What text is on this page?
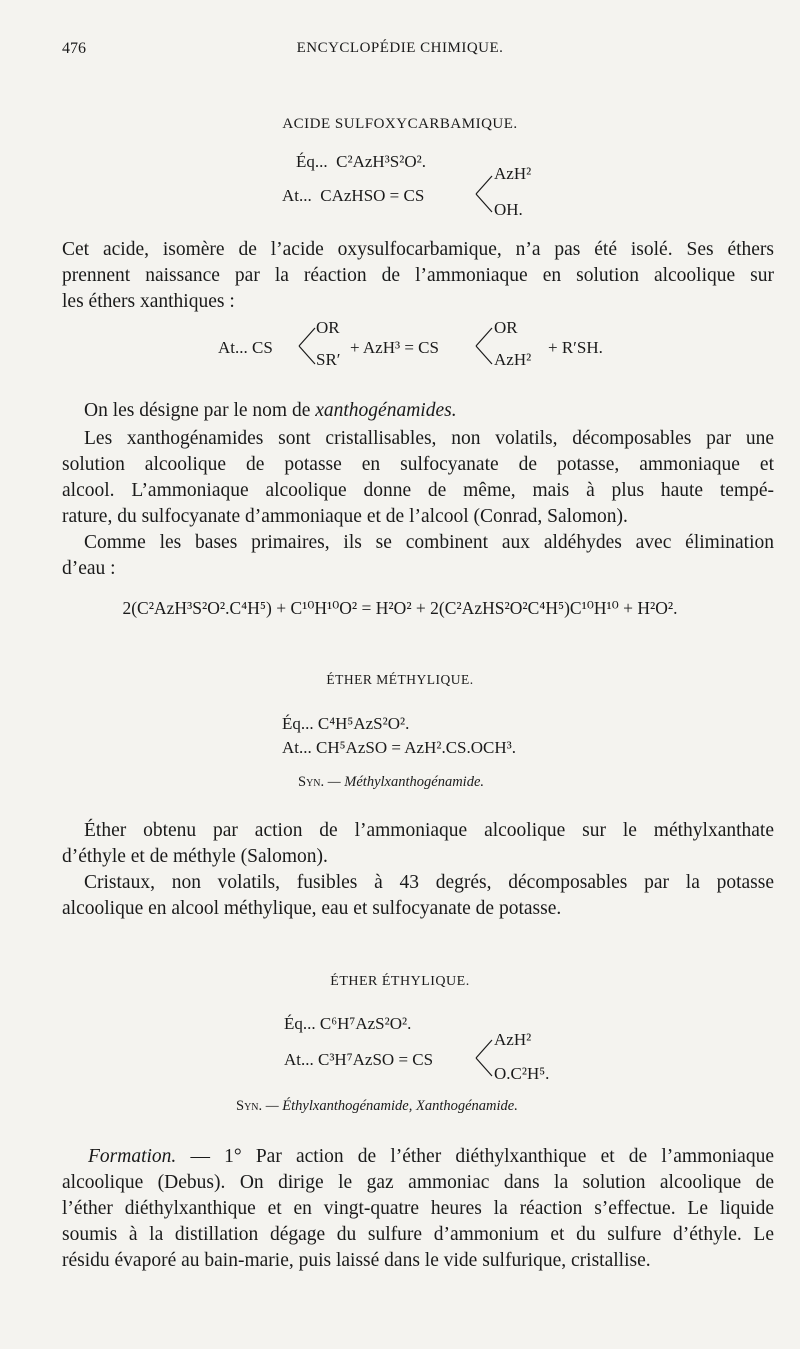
476	ENCYCLOPÉDIE CHIMIQUE.
ACIDE SULFOXYCARBAMIQUE.
Éq... C²AzH³S²O².
At... CAzHSO = CS
AzH²
OH.
Cet acide, isomère de l’acide oxysulfocarbamique, n’a pas été isolé. Ses éthers
prennent naissance par la réaction de l’ammoniaque en solution alcoolique sur
les éthers xanthiques :
At... CS
OR
SR′
+ AzH³ = CS
OR
AzH²
+ R′SH.
On les désigne par le nom de xanthogénamides.
Les xanthogénamides sont cristallisables, non volatils, décomposables par une
solution alcoolique de potasse en sulfocyanate de potasse, ammoniaque et
alcool. L’ammoniaque alcoolique donne de même, mais à plus haute tempé-
rature, du sulfocyanate d’ammoniaque et de l’alcool (Conrad, Salomon).
Comme les bases primaires, ils se combinent aux aldéhydes avec élimination
d’eau :
2(C²AzH³S²O².C⁴H⁵) + C¹⁰H¹⁰O² = H²O² + 2(C²AzHS²O²C⁴H⁵)C¹⁰H¹⁰ + H²O².
ÉTHER MÉTHYLIQUE.
Éq... C⁴H⁵AzS²O².
At... CH⁵AzSO = AzH².CS.OCH³.
Syn. — Méthylxanthogénamide.
Éther obtenu par action de l’ammoniaque alcoolique sur le méthylxanthate
d’éthyle et de méthyle (Salomon).
Cristaux, non volatils, fusibles à 43 degrés, décomposables par la potasse
alcoolique en alcool méthylique, eau et sulfocyanate de potasse.
ÉTHER ÉTHYLIQUE.
Éq... C⁶H⁷AzS²O².
At... C³H⁷AzSO = CS
AzH²
O.C²H⁵.
Syn. — Éthylxanthogénamide, Xanthogénamide.
Formation. — 1° Par action de l’éther diéthylxanthique et de l’ammoniaque
alcoolique (Debus). On dirige le gaz ammoniac dans la solution alcoolique de
l’éther diéthylxanthique et en vingt-quatre heures la réaction s’effectue. Le liquide
soumis à la distillation dégage du sulfure d’ammonium et du sulfure d’éthyle. Le
résidu évaporé au bain-marie, puis laissé dans le vide sulfurique, cristallise.
